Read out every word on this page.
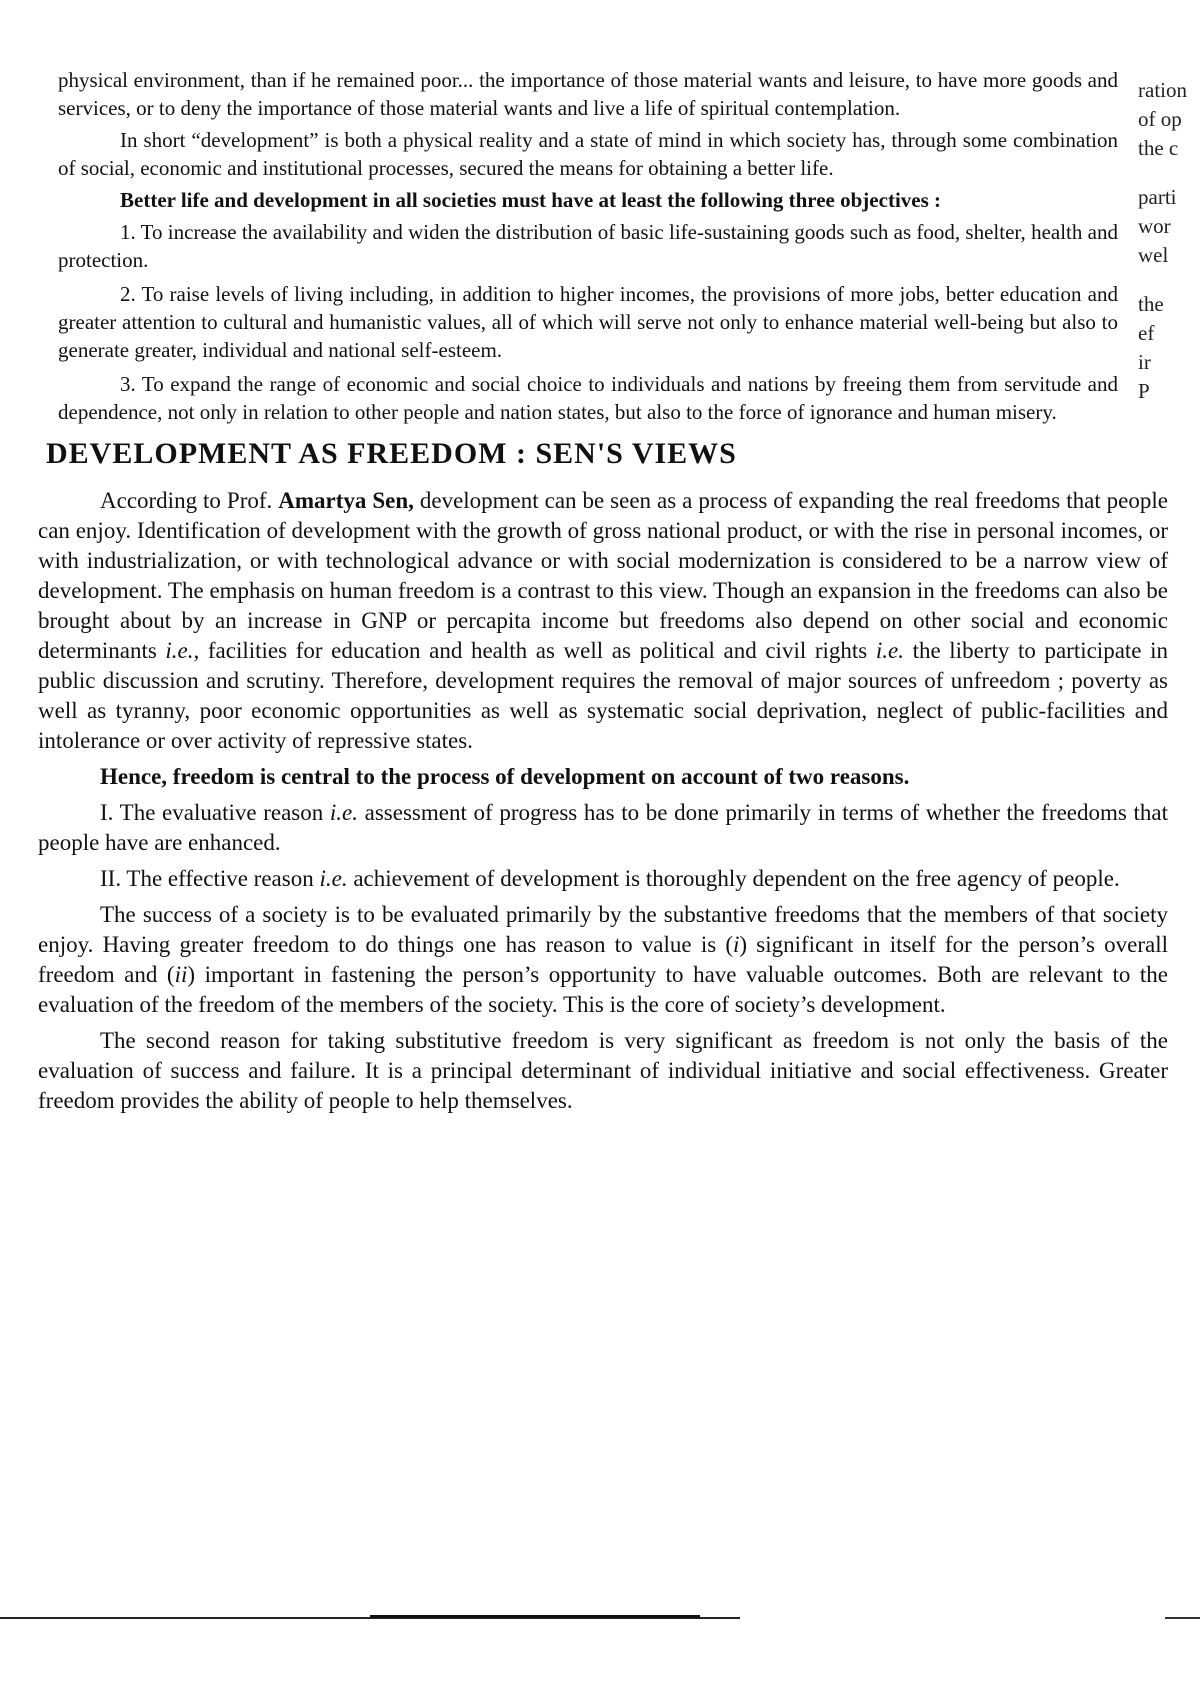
physical environment, than if he remained poor... the importance of those material wants and leisure, to have more goods and services, or to deny the importance of those material wants and live a life of spiritual contemplation.

In short “development” is both a physical reality and a state of mind in which society has, through some combination of social, economic and institutional processes, secured the means for obtaining a better life.

Better life and development in all societies must have at least the following three objectives :

1. To increase the availability and widen the distribution of basic life-sustaining goods such as food, shelter, health and protection.

2. To raise levels of living including, in addition to higher incomes, the provisions of more jobs, better education and greater attention to cultural and humanistic values, all of which will serve not only to enhance material well-being but also to generate greater, individual and national self-esteem.

3. To expand the range of economic and social choice to individuals and nations by freeing them from servitude and dependence, not only in relation to other people and nation states, but also to the force of ignorance and human misery.

DEVELOPMENT AS FREEDOM : SEN'S VIEWS

According to Prof. Amartya Sen, development can be seen as a process of expanding the real freedoms that people can enjoy. Identification of development with the growth of gross national product, or with the rise in personal incomes, or with industrialization, or with technological advance or with social modernization is considered to be a narrow view of development. The emphasis on human freedom is a contrast to this view. Though an expansion in the freedoms can also be brought about by an increase in GNP or percapita income but freedoms also depend on other social and economic determinants i.e., facilities for education and health as well as political and civil rights i.e. the liberty to participate in public discussion and scrutiny. Therefore, development requires the removal of major sources of unfreedom ; poverty as well as tyranny, poor economic opportunities as well as systematic social deprivation, neglect of public-facilities and intolerance or over activity of repressive states.

Hence, freedom is central to the process of development on account of two reasons.

I. The evaluative reason i.e. assessment of progress has to be done primarily in terms of whether the freedoms that people have are enhanced.

II. The effective reason i.e. achievement of development is thoroughly dependent on the free agency of people.

The success of a society is to be evaluated primarily by the substantive freedoms that the members of that society enjoy. Having greater freedom to do things one has reason to value is (i) significant in itself for the person’s overall freedom and (ii) important in fastening the person’s opportunity to have valuable outcomes. Both are relevant to the evaluation of the freedom of the members of the society. This is the core of society’s development.

The second reason for taking substitutive freedom is very significant as freedom is not only the basis of the evaluation of success and failure. It is a principal determinant of individual initiative and social effectiveness. Greater freedom provides the ability of people to help themselves.

ration
of op
the c
parti
wor
wel
the
ef
ir
P
